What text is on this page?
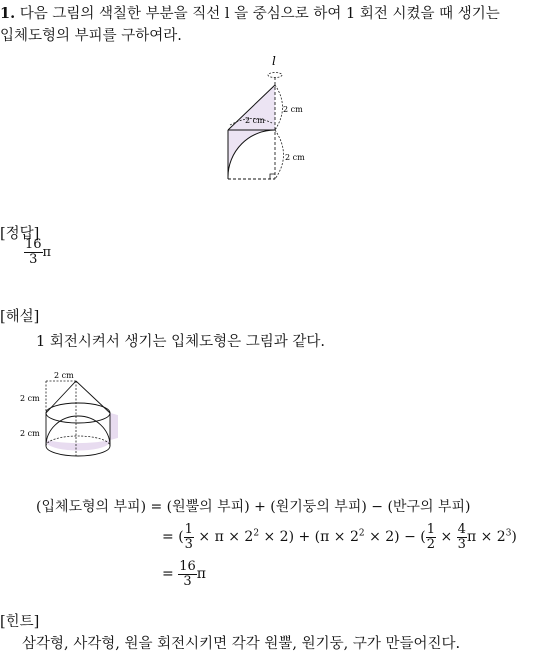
1. 다음 그림의 색칠한 부분을 직선 l 을 중심으로 하여 1 회전 시켰을 때 생기는
입체도형의 부피를 구하여라.
l
2 cm
2 cm
2 cm
[정답]
$\frac{16}{3}$ π
[해설]
1 회전시켜서 생기는 입체도형은 그림과 같다.
2 cm
2 cm
2 cm
(입체도형의 부피) = (원뿔의 부피) + (원기둥의 부피) − (반구의 부피)
= ( $\frac{1}{3} \times \pi \times 2^2 \times 2) + (\pi \times 2^2 \times 2)$ − ( $\frac{1}{2} \times \frac{4}{3}$ $\pi \times 2^3$)
= $\frac{16}{3}$ π
[힌트]
삼각형, 사각형, 원을 회전시키면 각각 원뿔, 원기둥, 구가 만들어진다.
